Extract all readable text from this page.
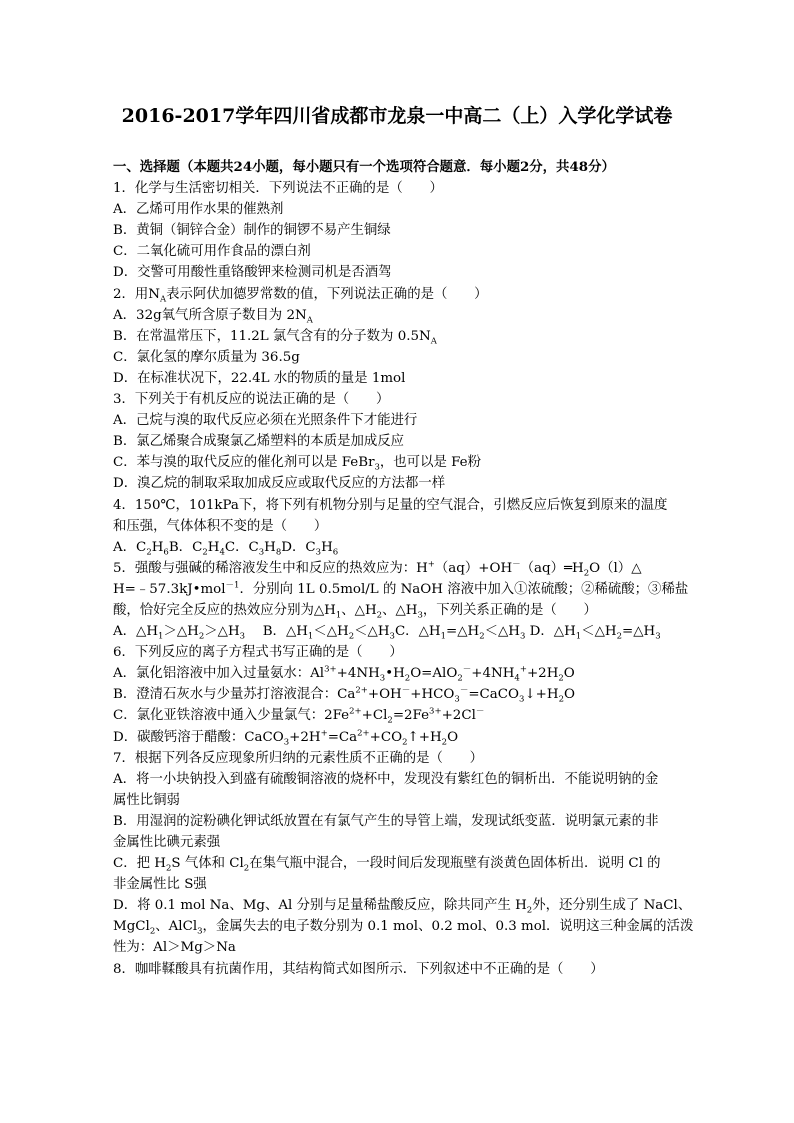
2016-2017学年四川省成都市龙泉一中高二（上）入学化学试卷
一、选择题（本题共24小题，每小题只有一个选项符合题意．每小题2分，共48分）
1．化学与生活密切相关．下列说法不正确的是（　　）
A．乙烯可用作水果的催熟剂
B．黄铜（铜锌合金）制作的铜锣不易产生铜绿
C．二氧化硫可用作食品的漂白剂
D．交警可用酸性重铬酸钾来检测司机是否酒驾
2．用$N_A$表示阿伏加德罗常数的值，下列说法正确的是（　　）
A．32g氧气所含原子数目为 $2N_A$
B．在常温常压下，11.2L 氯气含有的分子数为 $0.5N_A$
C．氯化氢的摩尔质量为 36.5g
D．在标准状况下，22.4L 水的物质的量是 1mol
3．下列关于有机反应的说法正确的是（　　）
A．己烷与溴的取代反应必须在光照条件下才能进行
B．氯乙烯聚合成聚氯乙烯塑料的本质是加成反应
C．苯与溴的取代反应的催化剂可以是 FeBr$_3$，也可以是 Fe粉
D．溴乙烷的制取采取加成反应或取代反应的方法都一样
4．150℃，101kPa下，将下列有机物分别与足量的空气混合，引燃反应后恢复到原来的温度
和压强，气体体积不变的是（　　）
A．$C_2H_6B$．$C_2H_4C$．$C_3H_8D$．$C_3H_6$
5．强酸与强碱的稀溶液发生中和反应的热效应为：$H^+(aq)+OH^-(aq)═H_2O(l)\triangle$
H=﹣57.3kJ•mol$^{-1}$．分别向 1L 0.5mol/L 的 NaOH 溶液中加入①浓硫酸；②稀硫酸；③稀盐
酸，恰好完全反应的热效应分别为$\triangle H_1$、$\triangle H_2$、$\triangle H_3$，下列关系正确的是（　　）
A．$\triangle H_1>\triangle H_2>\triangle H_3$　 B．$\triangle H_1<\triangle H_2<\triangle H_3C$．$\triangle H_1=\triangle H_2<\triangle H_3$ D．$\triangle H_1<\triangle H_2=\triangle H_3$
6．下列反应的离子方程式书写正确的是（　　）
A．氯化铝溶液中加入过量氨水：$Al^{3+}+4NH_3•H_2O=AlO_2^-+4NH_4^++2H_2O$
B．澄清石灰水与少量苏打溶液混合：$Ca^{2+}+OH^-+HCO_3^-=CaCO_3↓+H_2O$
C．氯化亚铁溶液中通入少量氯气：$2Fe^{2+}+Cl_2=2Fe^{3+}+2Cl^-$
D．碳酸钙溶于醋酸：$CaCO_3+2H^+=Ca^{2+}+CO_2↑+H_2O$
7．根据下列各反应现象所归纳的元素性质不正确的是（　　）
A．将一小块钠投入到盛有硫酸铜溶液的烧杯中，发现没有紫红色的铜析出．不能说明钠的金
属性比铜弱
B．用湿润的淀粉碘化钾试纸放置在有氯气产生的导管上端，发现试纸变蓝．说明氯元素的非
金属性比碘元素强
C．把 $H_2S$ 气体和 $Cl_2$在集气瓶中混合，一段时间后发现瓶壁有淡黄色固体析出．说明 Cl 的
非金属性比 S强
D．将 0.1 mol Na、Mg、Al 分别与足量稀盐酸反应，除共同产生 $H_2$外，还分别生成了 NaCl、
MgCl$_2$、AlCl$_3$，金属失去的电子数分别为 0.1 mol、0.2 mol、0.3 mol．说明这三种金属的活泼
性为：Al＞Mg＞Na
8．咖啡鞣酸具有抗菌作用，其结构简式如图所示．下列叙述中不正确的是（　　）
